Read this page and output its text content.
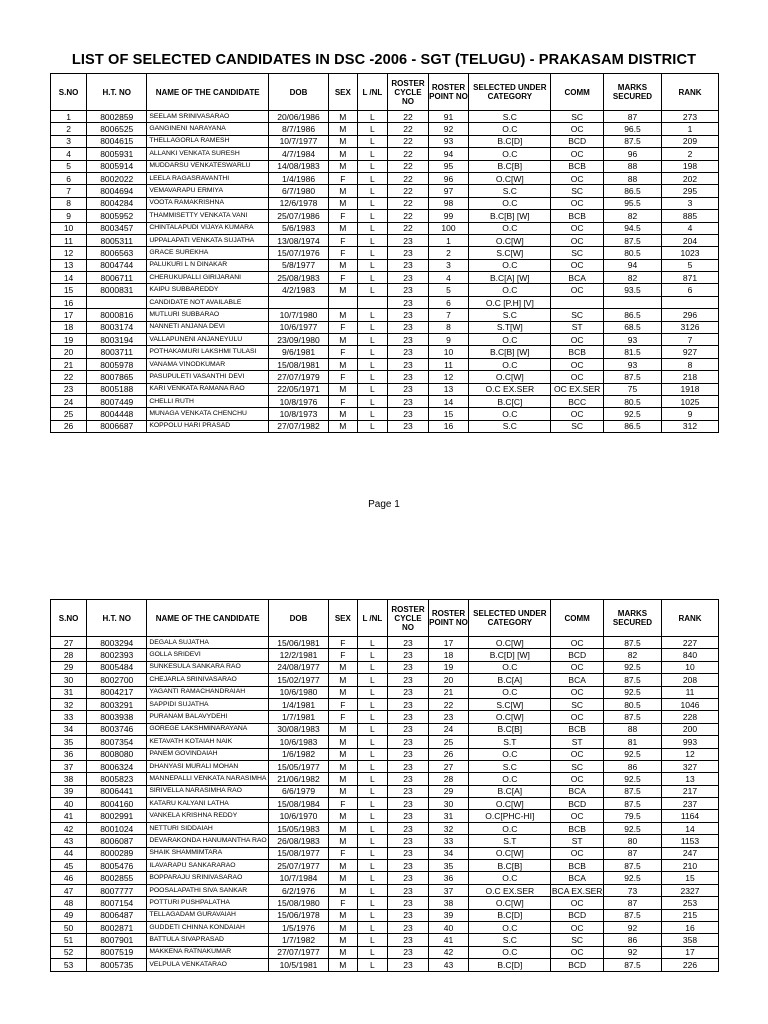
LIST OF SELECTED CANDIDATES IN DSC -2006 - SGT (TELUGU) - PRAKASAM DISTRICT
S.NO	H.T. NO	NAME OF THE CANDIDATE	DOB	SEX	L /NL	ROSTER CYCLE NO	ROSTER POINT NO	SELECTED UNDER CATEGORY	COMM	MARKS SECURED	RANK
1	8002859	SEELAM SRINIVASARAO	20/06/1986	M	L	22	91	S.C	SC	87	273
2	8006525	GANGINENI NARAYANA	8/7/1986	M	L	22	92	O.C	OC	96.5	1
3	8004615	THELLAGORLA RAMESH	10/7/1977	M	L	22	93	B.C[D]	BCD	87.5	209
4	8005931	ALLANKI VENKATA SURESH	4/7/1984	M	L	22	94	O.C	OC	96	2
5	8005914	MUDDARSU VENKATESWARLU	14/08/1983	M	L	22	95	B.C[B]	BCB	88	198
6	8002022	LEELA RAGASRAVANTHI	1/4/1986	F	L	22	96	O.C[W]	OC	88	202
7	8004694	VEMAVARAPU ERMIYA	6/7/1980	M	L	22	97	S.C	SC	86.5	295
8	8004284	VOOTA RAMAKRISHNA	12/6/1978	M	L	22	98	O.C	OC	95.5	3
9	8005952	THAMMISETTY VENKATA VANI	25/07/1986	F	L	22	99	B.C[B] [W]	BCB	82	885
10	8003457	CHINTALAPUDI VIJAYA KUMARA	5/6/1983	M	L	22	100	O.C	OC	94.5	4
11	8005311	UPPALAPATI VENKATA SUJATHA	13/08/1974	F	L	23	1	O.C[W]	OC	87.5	204
12	8006563	GRACE SUREKHA	15/07/1976	F	L	23	2	S.C[W]	SC	80.5	1023
13	8004744	PALUKURI L N DINAKAR	5/8/1977	M	L	23	3	O.C	OC	94	5
14	8006711	CHERUKUPALLI GIRIJARANI	25/08/1983	F	L	23	4	B.C[A] [W]	BCA	82	871
15	8000831	KAIPU SUBBAREDDY	4/2/1983	M	L	23	5	O.C	OC	93.5	6
16		CANDIDATE NOT AVAILABLE				23	6	O.C [P.H] [V]			
17	8000816	MUTLURI SUBBARAO	10/7/1980	M	L	23	7	S.C	SC	86.5	296
18	8003174	NANNETI ANJANA DEVI	10/6/1977	F	L	23	8	S.T[W]	ST	68.5	3126
19	8003194	VALLAPUNENI ANJANEYULU	23/09/1980	M	L	23	9	O.C	OC	93	7
20	8003711	POTHAKAMURI LAKSHMI TULASI	9/6/1981	F	L	23	10	B.C[B] [W]	BCB	81.5	927
21	8005978	VANAMA VINODKUMAR	15/08/1981	M	L	23	11	O.C	OC	93	8
22	8007865	PASUPULETI VASANTHI DEVI	27/07/1979	F	L	23	12	O.C[W]	OC	87.5	218
23	8005188	KARI VENKATA RAMANA RAO	22/05/1971	M	L	23	13	O.C EX.SER	OC EX.SER	75	1918
24	8007449	CHELLI RUTH	10/8/1976	F	L	23	14	B.C[C]	BCC	80.5	1025
25	8004448	MUNAGA VENKATA CHENCHU	10/8/1973	M	L	23	15	O.C	OC	92.5	9
26	8006687	KOPPOLU HARI PRASAD	27/07/1982	M	L	23	16	S.C	SC	86.5	312
Page 1
S.NO	H.T. NO	NAME OF THE CANDIDATE	DOB	SEX	L /NL	ROSTER CYCLE NO	ROSTER POINT NO	SELECTED UNDER CATEGORY	COMM	MARKS SECURED	RANK
27	8003294	DEGALA SUJATHA	15/06/1981	F	L	23	17	O.C[W]	OC	87.5	227
28	8002393	GOLLA SRIDEVI	12/2/1981	F	L	23	18	B.C[D] [W]	BCD	82	840
29	8005484	SUNKESULA SANKARA RAO	24/08/1977	M	L	23	19	O.C	OC	92.5	10
30	8002700	CHEJARLA SRINIVASARAO	15/02/1977	M	L	23	20	B.C[A]	BCA	87.5	208
31	8004217	YAGANTI RAMACHANDRAIAH	10/6/1980	M	L	23	21	O.C	OC	92.5	11
32	8003291	SAPPIDI SUJATHA	1/4/1981	F	L	23	22	S.C[W]	SC	80.5	1046
33	8003938	PURANAM BALAVYDEHI	1/7/1981	F	L	23	23	O.C[W]	OC	87.5	228
34	8003746	GOREGE LAKSHMINARAYANA	30/08/1983	M	L	23	24	B.C[B]	BCB	88	200
35	8007354	KETAVATH KOTAIAH NAIK	10/6/1983	M	L	23	25	S.T	ST	81	993
36	8008080	PANEM GOVINDAIAH	1/6/1982	M	L	23	26	O.C	OC	92.5	12
37	8006324	DHANYASI MURALI MOHAN	15/05/1977	M	L	23	27	S.C	SC	86	327
38	8005823	MANNEPALLI VENKATA NARASIMHA	21/06/1982	M	L	23	28	O.C	OC	92.5	13
39	8006441	SIRIVELLA NARASIMHA RAO	6/6/1979	M	L	23	29	B.C[A]	BCA	87.5	217
40	8004160	KATARU KALYANI LATHA	15/08/1984	F	L	23	30	O.C[W]	BCD	87.5	237
41	8002991	VANKELA KRISHNA REDDY	10/6/1970	M	L	23	31	O.C[PHC-HI]	OC	79.5	1164
42	8001024	NETTURI SIDDAIAH	15/05/1983	M	L	23	32	O.C	BCB	92.5	14
43	8006087	DEVARAKONDA HANUMANTHA RAO	26/08/1983	M	L	23	33	S.T	ST	80	1153
44	8000289	SHAIK SHAMMIMTARA	15/08/1977	F	L	23	34	O.C[W]	OC	87	247
45	8005476	ILAVARAPU SANKARARAO	25/07/1977	M	L	23	35	B.C[B]	BCB	87.5	210
46	8002855	BOPPARAJU SRINIVASARAO	10/7/1984	M	L	23	36	O.C	BCA	92.5	15
47	8007777	POOSALAPATHI SIVA SANKAR	6/2/1976	M	L	23	37	O.C EX.SER	BCA EX.SER	73	2327
48	8007154	POTTURI PUSHPALATHA	15/08/1980	F	L	23	38	O.C[W]	OC	87	253
49	8006487	TELLAGADAM GURAVAIAH	15/06/1978	M	L	23	39	B.C[D]	BCD	87.5	215
50	8002871	GUDDETI CHINNA KONDAIAH	1/5/1976	M	L	23	40	O.C	OC	92	16
51	8007901	BATTULA SIVAPRASAD	1/7/1982	M	L	23	41	S.C	SC	86	358
52	8007519	MAKKENA RATNAKUMAR	27/07/1977	M	L	23	42	O.C	OC	92	17
53	8005735	VELPULA VENKATARAO	10/5/1981	M	L	23	43	B.C[D]	BCD	87.5	226
